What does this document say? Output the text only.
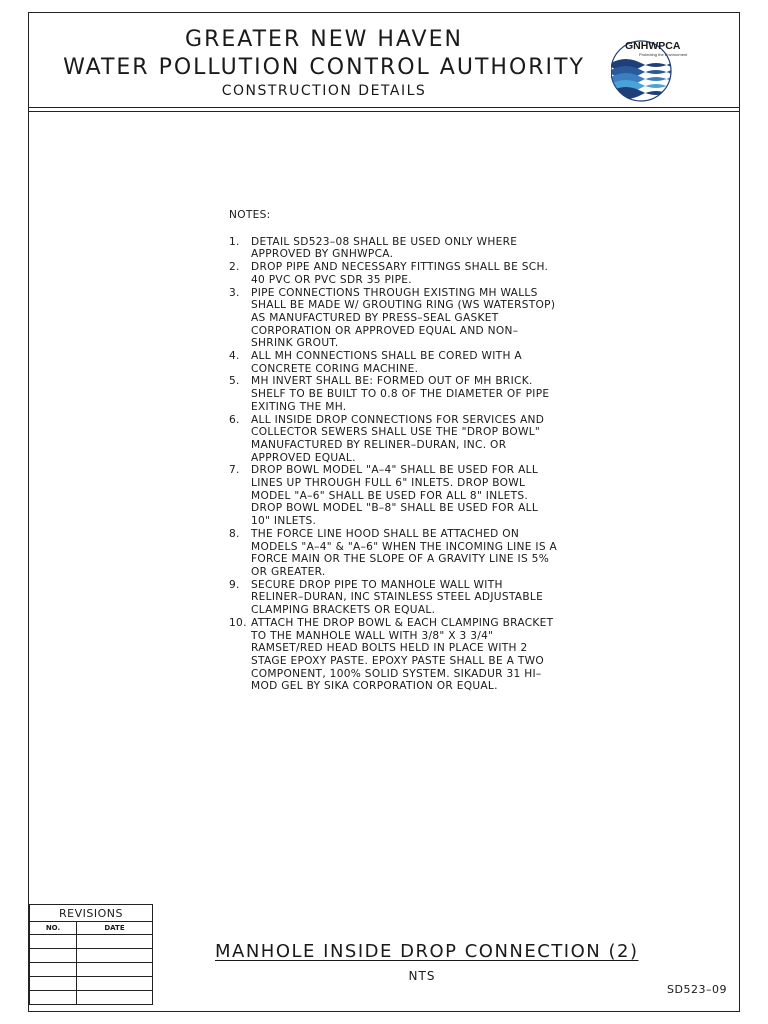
GREATER NEW HAVEN
WATER POLLUTION CONTROL AUTHORITY
CONSTRUCTION DETAILS
GNHWPCA
Protecting the Environment
NOTES:
1.	DETAIL SD523–08 SHALL BE USED ONLY WHERE APPROVED BY GNHWPCA.
2.	DROP PIPE AND NECESSARY FITTINGS SHALL BE SCH. 40 PVC OR PVC SDR 35 PIPE.
3.	PIPE CONNECTIONS THROUGH EXISTING MH WALLS SHALL BE MADE W/ GROUTING RING (WS WATERSTOP) AS MANUFACTURED BY PRESS–SEAL GASKET CORPORATION OR APPROVED EQUAL AND NON–SHRINK GROUT.
4.	ALL MH CONNECTIONS SHALL BE CORED WITH A CONCRETE CORING MACHINE.
5.	MH INVERT SHALL BE: FORMED OUT OF MH BRICK. SHELF TO BE BUILT TO 0.8 OF THE DIAMETER OF PIPE EXITING THE MH.
6.	ALL INSIDE DROP CONNECTIONS FOR SERVICES AND COLLECTOR SEWERS SHALL USE THE "DROP BOWL" MANUFACTURED BY RELINER–DURAN, INC. OR APPROVED EQUAL.
7.	DROP BOWL MODEL "A–4" SHALL BE USED FOR ALL LINES UP THROUGH FULL 6" INLETS. DROP BOWL MODEL "A–6" SHALL BE USED FOR ALL 8" INLETS. DROP BOWL MODEL "B–8" SHALL BE USED FOR ALL 10" INLETS.
8.	THE FORCE LINE HOOD SHALL BE ATTACHED ON MODELS "A–4" & "A–6" WHEN THE INCOMING LINE IS A FORCE MAIN OR THE SLOPE OF A GRAVITY LINE IS 5% OR GREATER.
9.	SECURE DROP PIPE TO MANHOLE WALL WITH RELINER–DURAN, INC STAINLESS STEEL ADJUSTABLE CLAMPING BRACKETS OR EQUAL.
10. ATTACH THE DROP BOWL & EACH CLAMPING BRACKET TO THE MANHOLE WALL WITH 3/8" X 3 3/4" RAMSET/RED HEAD BOLTS HELD IN PLACE WITH 2 STAGE EPOXY PASTE. EPOXY PASTE SHALL BE A TWO COMPONENT, 100% SOLID SYSTEM. SIKADUR 31 HI–MOD GEL BY SIKA CORPORATION OR EQUAL.
REVISIONS	
NO.	DATE

MANHOLE INSIDE DROP CONNECTION (2)
NTS
SD523–09
